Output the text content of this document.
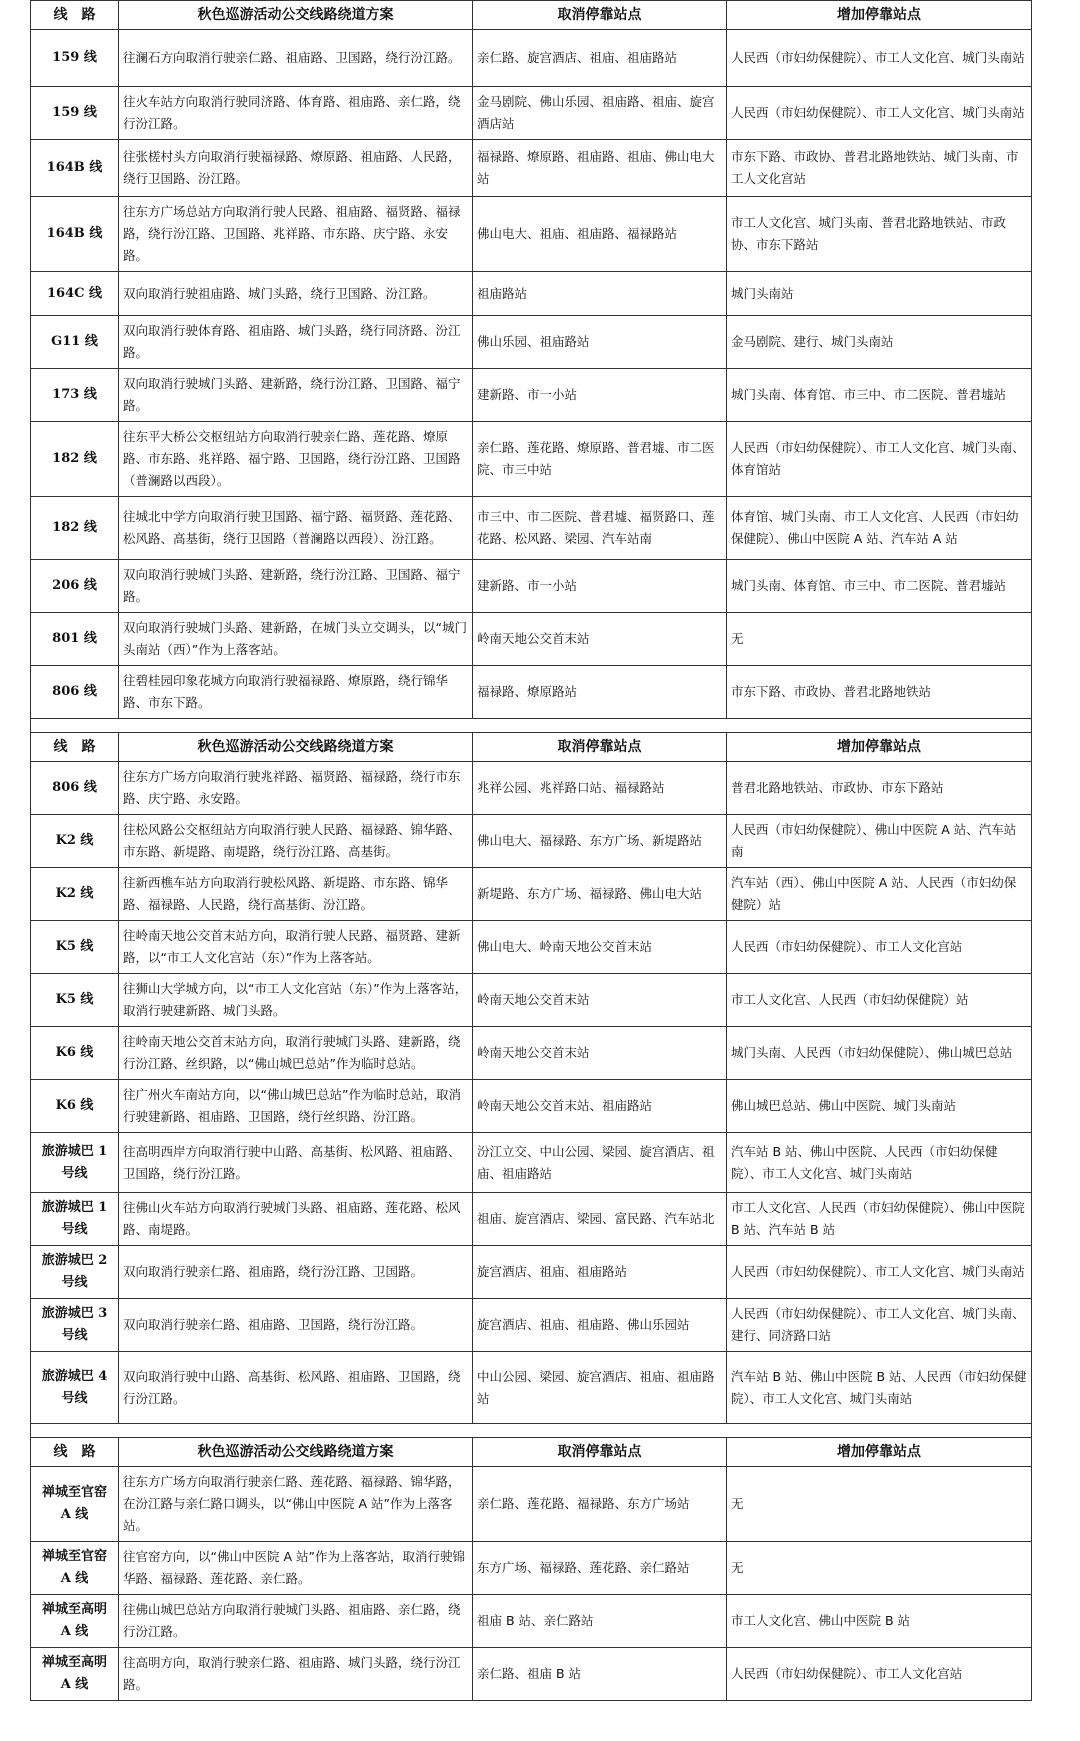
线　路	秋色巡游活动公交线路绕道方案	取消停靠站点	增加停靠站点
159 线	往澜石方向取消行驶亲仁路、祖庙路、卫国路，绕行汾江路。	亲仁路、旋宫酒店、祖庙、祖庙路站	人民西（市妇幼保健院）、市工人文化宫、城门头南站
159 线	往火车站方向取消行驶同济路、体育路、祖庙路、亲仁路，绕行汾江路。	金马剧院、佛山乐园、祖庙路、祖庙、旋宫酒店站	人民西（市妇幼保健院）、市工人文化宫、城门头南站
164B 线	往张槎村头方向取消行驶福禄路、燎原路、祖庙路、人民路，绕行卫国路、汾江路。	福禄路、燎原路、祖庙路、祖庙、佛山电大站	市东下路、市政协、普君北路地铁站、城门头南、市工人文化宫站
164B 线	往东方广场总站方向取消行驶人民路、祖庙路、福贤路、福禄路，绕行汾江路、卫国路、兆祥路、市东路、庆宁路、永安路。	佛山电大、祖庙、祖庙路、福禄路站	市工人文化宫、城门头南、普君北路地铁站、市政协、市东下路站
164C 线	双向取消行驶祖庙路、城门头路，绕行卫国路、汾江路。	祖庙路站	城门头南站
G11 线	双向取消行驶体育路、祖庙路、城门头路，绕行同济路、汾江路。	佛山乐园、祖庙路站	金马剧院、建行、城门头南站
173 线	双向取消行驶城门头路、建新路，绕行汾江路、卫国路、福宁路。	建新路、市一小站	城门头南、体育馆、市三中、市二医院、普君墟站
182 线	往东平大桥公交枢纽站方向取消行驶亲仁路、莲花路、燎原路、市东路、兆祥路、福宁路、卫国路，绕行汾江路、卫国路（普澜路以西段）。	亲仁路、莲花路、燎原路、普君墟、市二医院、市三中站	人民西（市妇幼保健院）、市工人文化宫、城门头南、体育馆站
182 线	往城北中学方向取消行驶卫国路、福宁路、福贤路、莲花路、松风路、高基街，绕行卫国路（普澜路以西段）、汾江路。	市三中、市二医院、普君墟、福贤路口、莲花路、松风路、梁园、汽车站南	体育馆、城门头南、市工人文化宫、人民西（市妇幼保健院）、佛山中医院 A 站、汽车站 A 站
206 线	双向取消行驶城门头路、建新路，绕行汾江路、卫国路、福宁路。	建新路、市一小站	城门头南、体育馆、市三中、市二医院、普君墟站
801 线	双向取消行驶城门头路、建新路，在城门头立交调头，以“城门头南站（西）”作为上落客站。	岭南天地公交首末站	无
806 线	往碧桂园印象花城方向取消行驶福禄路、燎原路，绕行锦华路、市东下路。	福禄路、燎原路站	市东下路、市政协、普君北路地铁站

线　路	秋色巡游活动公交线路绕道方案	取消停靠站点	增加停靠站点
806 线	往东方广场方向取消行驶兆祥路、福贤路、福禄路，绕行市东路、庆宁路、永安路。	兆祥公园、兆祥路口站、福禄路站	普君北路地铁站、市政协、市东下路站
K2 线	往松风路公交枢纽站方向取消行驶人民路、福禄路、锦华路、市东路、新堤路、南堤路，绕行汾江路、高基街。	佛山电大、福禄路、东方广场、新堤路站	人民西（市妇幼保健院）、佛山中医院 A 站、汽车站南
K2 线	往新西樵车站方向取消行驶松风路、新堤路、市东路、锦华路、福禄路、人民路，绕行高基街、汾江路。	新堤路、东方广场、福禄路、佛山电大站	汽车站（西）、佛山中医院 A 站、人民西（市妇幼保健院）站
K5 线	往岭南天地公交首末站方向，取消行驶人民路、福贤路、建新路，以“市工人文化宫站（东）”作为上落客站。	佛山电大、岭南天地公交首末站	人民西（市妇幼保健院）、市工人文化宫站
K5 线	往狮山大学城方向，以“市工人文化宫站（东）”作为上落客站，取消行驶建新路、城门头路。	岭南天地公交首末站	市工人文化宫、人民西（市妇幼保健院）站
K6 线	往岭南天地公交首末站方向，取消行驶城门头路、建新路，绕行汾江路、丝织路，以“佛山城巴总站”作为临时总站。	岭南天地公交首末站	城门头南、人民西（市妇幼保健院）、佛山城巴总站
K6 线	往广州火车南站方向，以“佛山城巴总站”作为临时总站，取消行驶建新路、祖庙路、卫国路，绕行丝织路、汾江路。	岭南天地公交首末站、祖庙路站	佛山城巴总站、佛山中医院、城门头南站
旅游城巴 1 号线	往高明西岸方向取消行驶中山路、高基街、松风路、祖庙路、卫国路，绕行汾江路。	汾江立交、中山公园、梁园、旋宫酒店、祖庙、祖庙路站	汽车站 B 站、佛山中医院、人民西（市妇幼保健院）、市工人文化宫、城门头南站
旅游城巴 1 号线	往佛山火车站方向取消行驶城门头路、祖庙路、莲花路、松风路、南堤路。	祖庙、旋宫酒店、梁园、富民路、汽车站北	市工人文化宫、人民西（市妇幼保健院）、佛山中医院 B 站、汽车站 B 站
旅游城巴 2 号线	双向取消行驶亲仁路、祖庙路，绕行汾江路、卫国路。	旋宫酒店、祖庙、祖庙路站	人民西（市妇幼保健院）、市工人文化宫、城门头南站
旅游城巴 3 号线	双向取消行驶亲仁路、祖庙路、卫国路，绕行汾江路。	旋宫酒店、祖庙、祖庙路、佛山乐园站	人民西（市妇幼保健院）、市工人文化宫、城门头南、建行、同济路口站
旅游城巴 4 号线	双向取消行驶中山路、高基街、松风路、祖庙路、卫国路，绕行汾江路。	中山公园、梁园、旋宫酒店、祖庙、祖庙路站	汽车站 B 站、佛山中医院 B 站、人民西（市妇幼保健院）、市工人文化宫、城门头南站

线　路	秋色巡游活动公交线路绕道方案	取消停靠站点	增加停靠站点
禅城至官窑 A 线	往东方广场方向取消行驶亲仁路、莲花路、福禄路、锦华路，在汾江路与亲仁路口调头，以“佛山中医院 A 站”作为上落客站。	亲仁路、莲花路、福禄路、东方广场站	无
禅城至官窑 A 线	往官窑方向，以“佛山中医院 A 站”作为上落客站，取消行驶锦华路、福禄路、莲花路、亲仁路。	东方广场、福禄路、莲花路、亲仁路站	无
禅城至高明 A 线	往佛山城巴总站方向取消行驶城门头路、祖庙路、亲仁路，绕行汾江路。	祖庙 B 站、亲仁路站	市工人文化宫、佛山中医院 B 站
禅城至高明 A 线	往高明方向，取消行驶亲仁路、祖庙路、城门头路，绕行汾江路。	亲仁路、祖庙 B 站	人民西（市妇幼保健院）、市工人文化宫站
